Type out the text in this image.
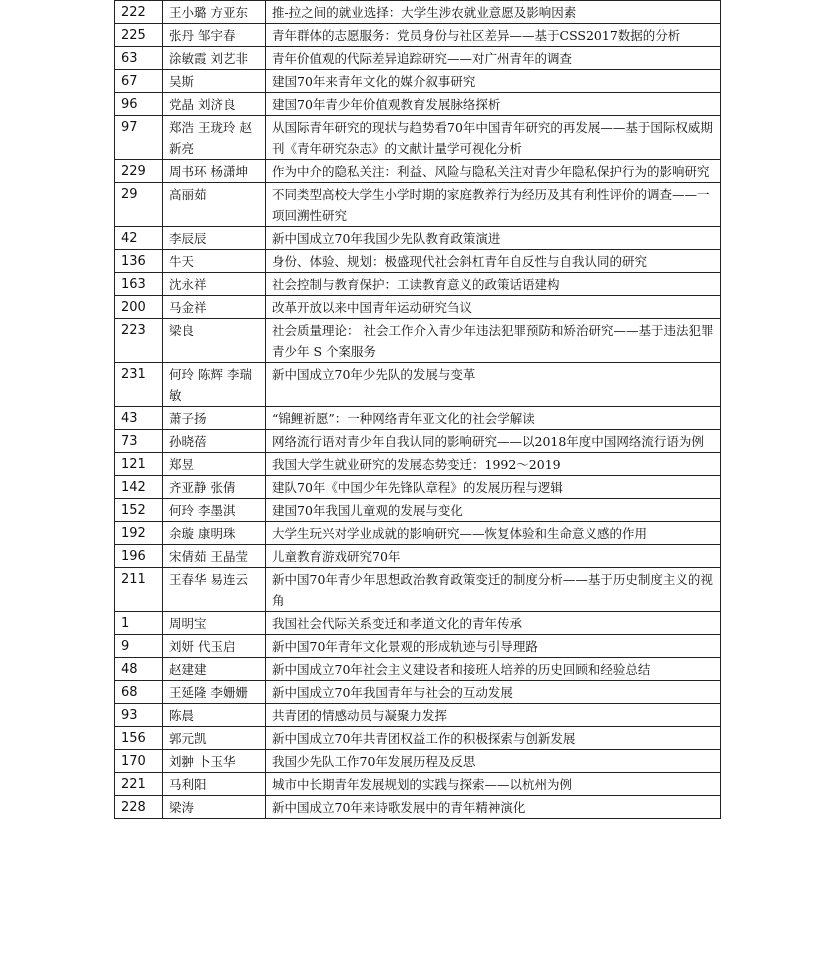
222	王小璐 方亚东	推-拉之间的就业选择：大学生涉农就业意愿及影响因素
225	张丹 邹宇春	青年群体的志愿服务：党员身份与社区差异——基于CSS2017数据的分析
63	涂敏霞 刘艺非	青年价值观的代际差异追踪研究——对广州青年的调查
67	吴斯	建国70年来青年文化的媒介叙事研究
96	党晶 刘济良	建国70年青少年价值观教育发展脉络探析
97	郑浩 王珑玲 赵新亮	从国际青年研究的现状与趋势看70年中国青年研究的再发展——基于国际权威期刊《青年研究杂志》的文献计量学可视化分析
229	周书环 杨潇坤	作为中介的隐私关注：利益、风险与隐私关注对青少年隐私保护行为的影响研究
29	高丽茹	不同类型高校大学生小学时期的家庭教养行为经历及其有利性评价的调查——一项回溯性研究
42	李辰辰	新中国成立70年我国少先队教育政策演进
136	牛天	身份、体验、规划：极盛现代社会斜杠青年自反性与自我认同的研究
163	沈永祥	社会控制与教育保护：工读教育意义的政策话语建构
200	马金祥	改革开放以来中国青年运动研究刍议
223	梁良	社会质量理论： 社会工作介入青少年违法犯罪预防和矫治研究——基于违法犯罪青少年 S 个案服务
231	何玲 陈辉 李瑞敏	新中国成立70年少先队的发展与变革
43	萧子扬	“锦鲤祈愿”：一种网络青年亚文化的社会学解读
73	孙晓蓓	网络流行语对青少年自我认同的影响研究——以2018年度中国网络流行语为例
121	郑昱	我国大学生就业研究的发展态势变迁：1992～2019
142	齐亚静 张倩	建队70年《中国少年先锋队章程》的发展历程与逻辑
152	何玲 李墨淇	建国70年我国儿童观的发展与变化
192	余璇 康明珠	大学生玩兴对学业成就的影响研究——恢复体验和生命意义感的作用
196	宋倩茹 王晶莹	儿童教育游戏研究70年
211	王春华 易连云	新中国70年青少年思想政治教育政策变迁的制度分析——基于历史制度主义的视角
1	周明宝	我国社会代际关系变迁和孝道文化的青年传承
9	刘妍 代玉启	新中国70年青年文化景观的形成轨迹与引导理路
48	赵建建	新中国成立70年社会主义建设者和接班人培养的历史回顾和经验总结
68	王延隆 李姗姗	新中国成立70年我国青年与社会的互动发展
93	陈晨	共青团的情感动员与凝聚力发挥
156	郭元凯	新中国成立70年共青团权益工作的积极探索与创新发展
170	刘翀 卜玉华	我国少先队工作70年发展历程及反思
221	马利阳	城市中长期青年发展规划的实践与探索——以杭州为例
228	梁涛	新中国成立70年来诗歌发展中的青年精神演化
